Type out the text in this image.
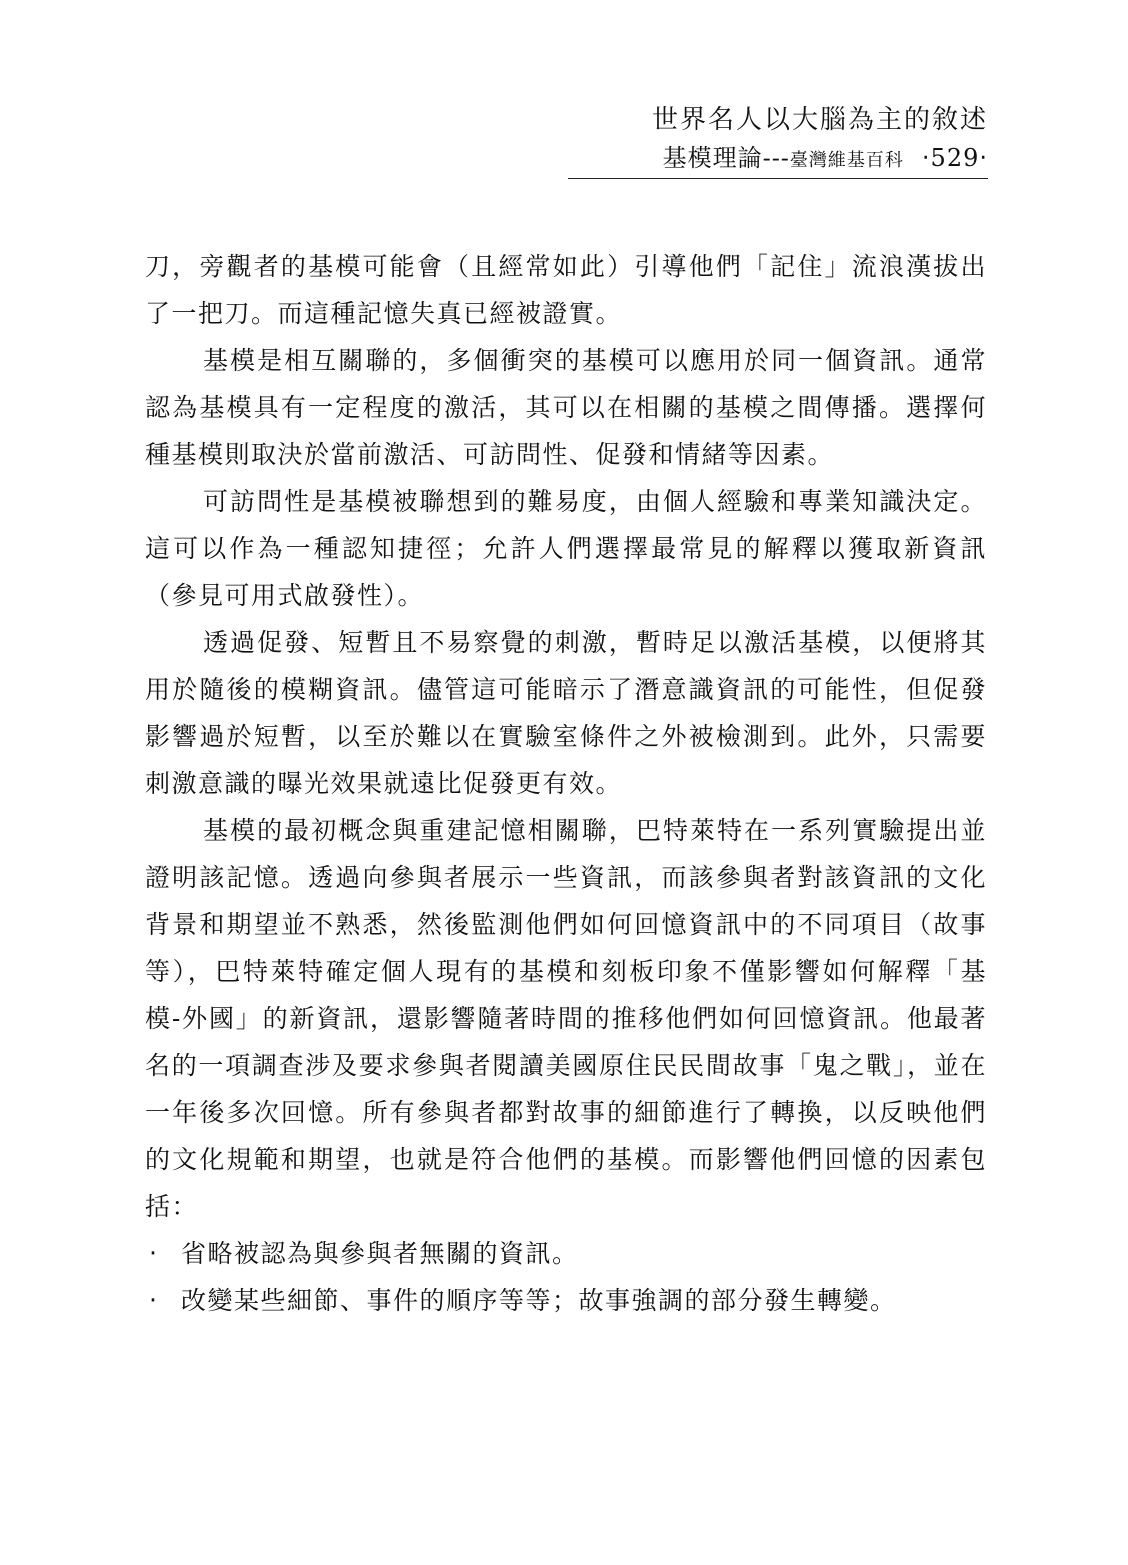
世界名人以大腦為主的敘述
基模理論---臺灣維基百科 ‧529‧

刀，旁觀者的基模可能會（且經常如此）引導他們「記住」流浪漢拔出了一把刀。而這種記憶失真已經被證實。

基模是相互關聯的，多個衝突的基模可以應用於同一個資訊。通常認為基模具有一定程度的激活，其可以在相關的基模之間傳播。選擇何種基模則取決於當前激活、可訪問性、促發和情緒等因素。

可訪問性是基模被聯想到的難易度，由個人經驗和專業知識決定。這可以作為一種認知捷徑；允許人們選擇最常見的解釋以獲取新資訊（參見可用式啟發性）。

透過促發、短暫且不易察覺的刺激，暫時足以激活基模，以便將其用於隨後的模糊資訊。儘管這可能暗示了潛意識資訊的可能性，但促發影響過於短暫，以至於難以在實驗室條件之外被檢測到。此外，只需要刺激意識的曝光效果就遠比促發更有效。

基模的最初概念與重建記憶相關聯，巴特萊特在一系列實驗提出並證明該記憶。透過向參與者展示一些資訊，而該參與者對該資訊的文化背景和期望並不熟悉，然後監測他們如何回憶資訊中的不同項目（故事等），巴特萊特確定個人現有的基模和刻板印象不僅影響如何解釋「基模-外國」的新資訊，還影響隨著時間的推移他們如何回憶資訊。他最著名的一項調查涉及要求參與者閱讀美國原住民民間故事「鬼之戰」，並在一年後多次回憶。所有參與者都對故事的細節進行了轉換，以反映他們的文化規範和期望，也就是符合他們的基模。而影響他們回憶的因素包括：

‧ 省略被認為與參與者無關的資訊。
‧ 改變某些細節、事件的順序等等；故事強調的部分發生轉變。
